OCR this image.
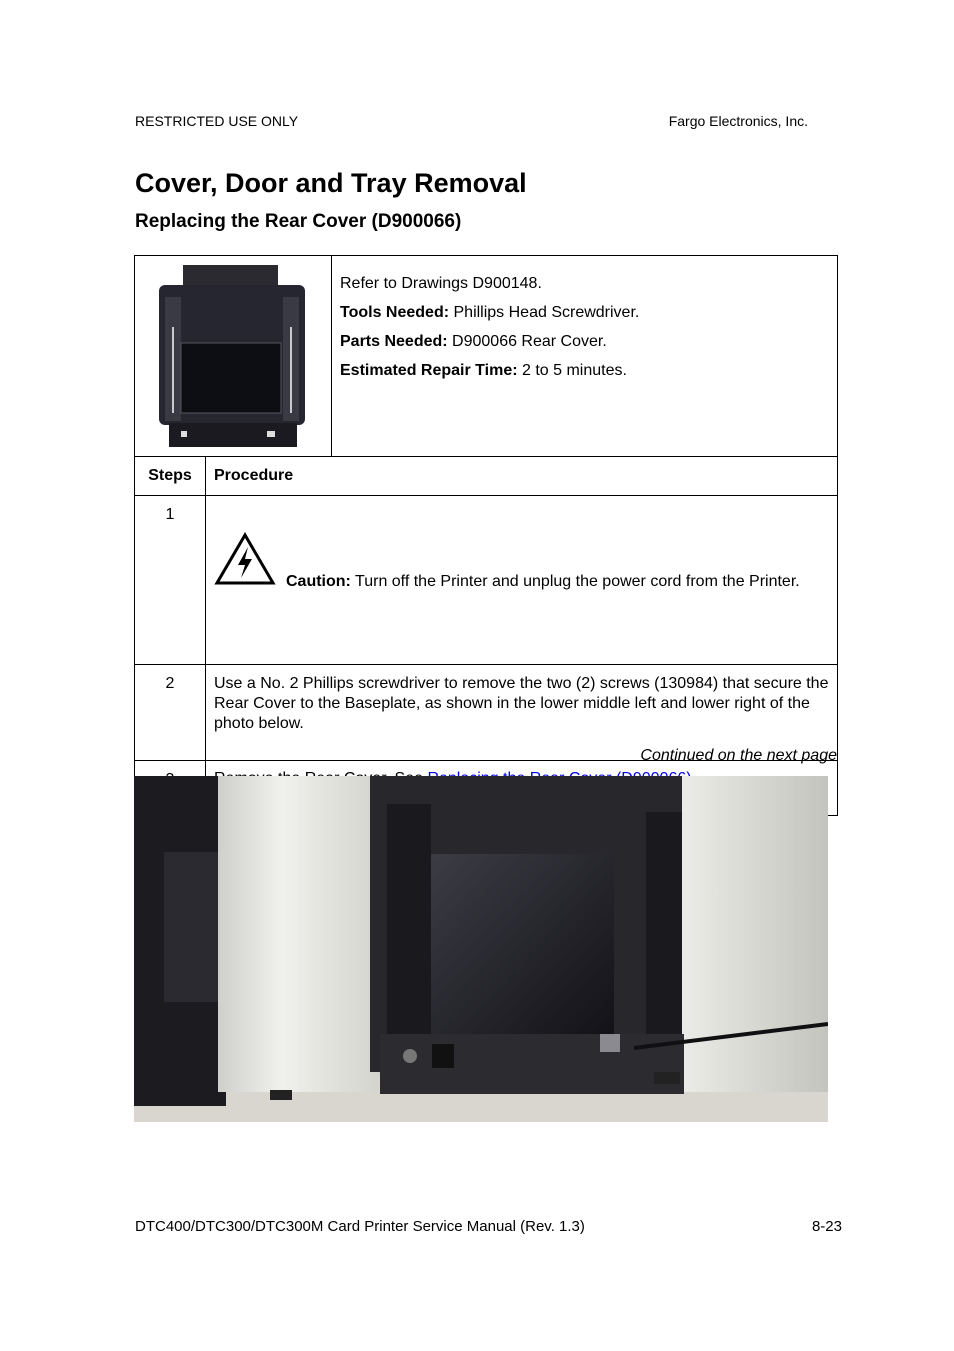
RESTRICTED USE ONLY	Fargo Electronics, Inc.
Cover, Door and Tray Removal
Replacing the Rear Cover (D900066)

Refer to Drawings D900148.

Tools Needed: Phillips Head Screwdriver.

Parts Needed: D900066 Rear Cover.

Estimated Repair Time: 2 to 5 minutes.

Steps	Procedure	
1	Caution: Turn off the Printer and unplug the power cord from the Printer.	
2	Use a No. 2 Phillips screwdriver to remove the two (2) screws (130984) that secure the Rear Cover to the Baseplate, as shown in the lower middle left and lower right of the photo below.	

Continued on the next page
DTC400/DTC300/DTC300M Card Printer Service Manual (Rev. 1.3)	8-23
